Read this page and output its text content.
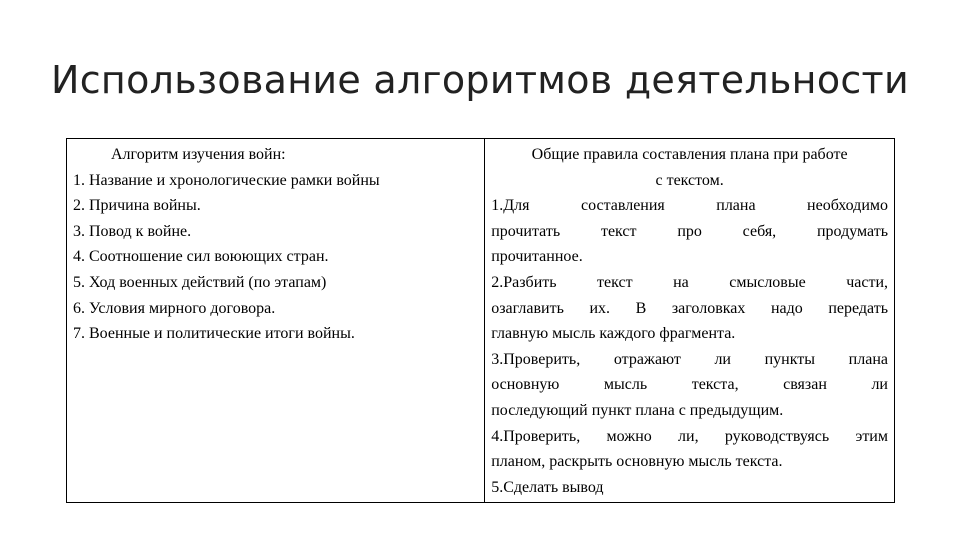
Использование алгоритмов деятельности
Алгоритм изучения войн:
1. Название и хронологические рамки войны
2. Причина войны.
3. Повод к войне.
4. Соотношение сил воюющих стран.
5. Ход военных действий (по этапам)
6. Условия мирного договора.
7. Военные и политические итоги войны.

Общие правила составления плана при работе
с текстом.
1.Для составления плана необходимо
прочитать текст про себя, продумать
прочитанное.
2.Разбить текст на смысловые части,
озаглавить их. В заголовках надо передать
главную мысль каждого фрагмента.
3.Проверить, отражают ли пункты плана
основную мысль текста, связан ли
последующий пункт плана с предыдущим.
4.Проверить, можно ли, руководствуясь этим
планом, раскрыть основную мысль текста.
5.Сделать вывод
